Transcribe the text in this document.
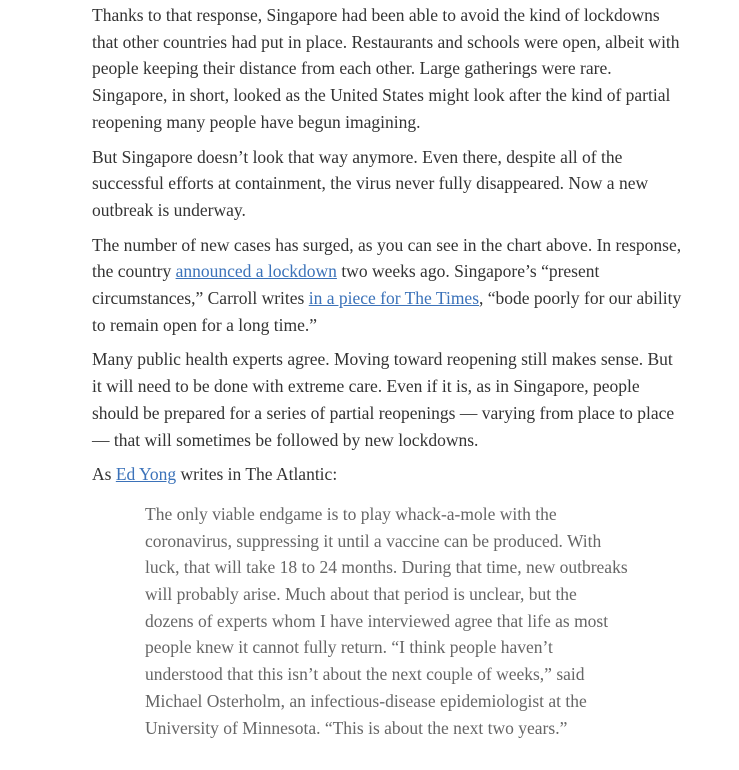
Thanks to that response, Singapore had been able to avoid the kind of lockdowns that other countries had put in place. Restaurants and schools were open, albeit with people keeping their distance from each other. Large gatherings were rare. Singapore, in short, looked as the United States might look after the kind of partial reopening many people have begun imagining.

But Singapore doesn’t look that way anymore. Even there, despite all of the successful efforts at containment, the virus never fully disappeared. Now a new outbreak is underway.

The number of new cases has surged, as you can see in the chart above. In response, the country announced a lockdown two weeks ago. Singapore’s “present circumstances,” Carroll writes in a piece for The Times, “bode poorly for our ability to remain open for a long time.”

Many public health experts agree. Moving toward reopening still makes sense. But it will need to be done with extreme care. Even if it is, as in Singapore, people should be prepared for a series of partial reopenings — varying from place to place — that will sometimes be followed by new lockdowns.

As Ed Yong writes in The Atlantic:

The only viable endgame is to play whack-a-mole with the coronavirus, suppressing it until a vaccine can be produced. With luck, that will take 18 to 24 months. During that time, new outbreaks will probably arise. Much about that period is unclear, but the dozens of experts whom I have interviewed agree that life as most people knew it cannot fully return. “I think people haven’t understood that this isn’t about the next couple of weeks,” said Michael Osterholm, an infectious-disease epidemiologist at the University of Minnesota. “This is about the next two years.”
